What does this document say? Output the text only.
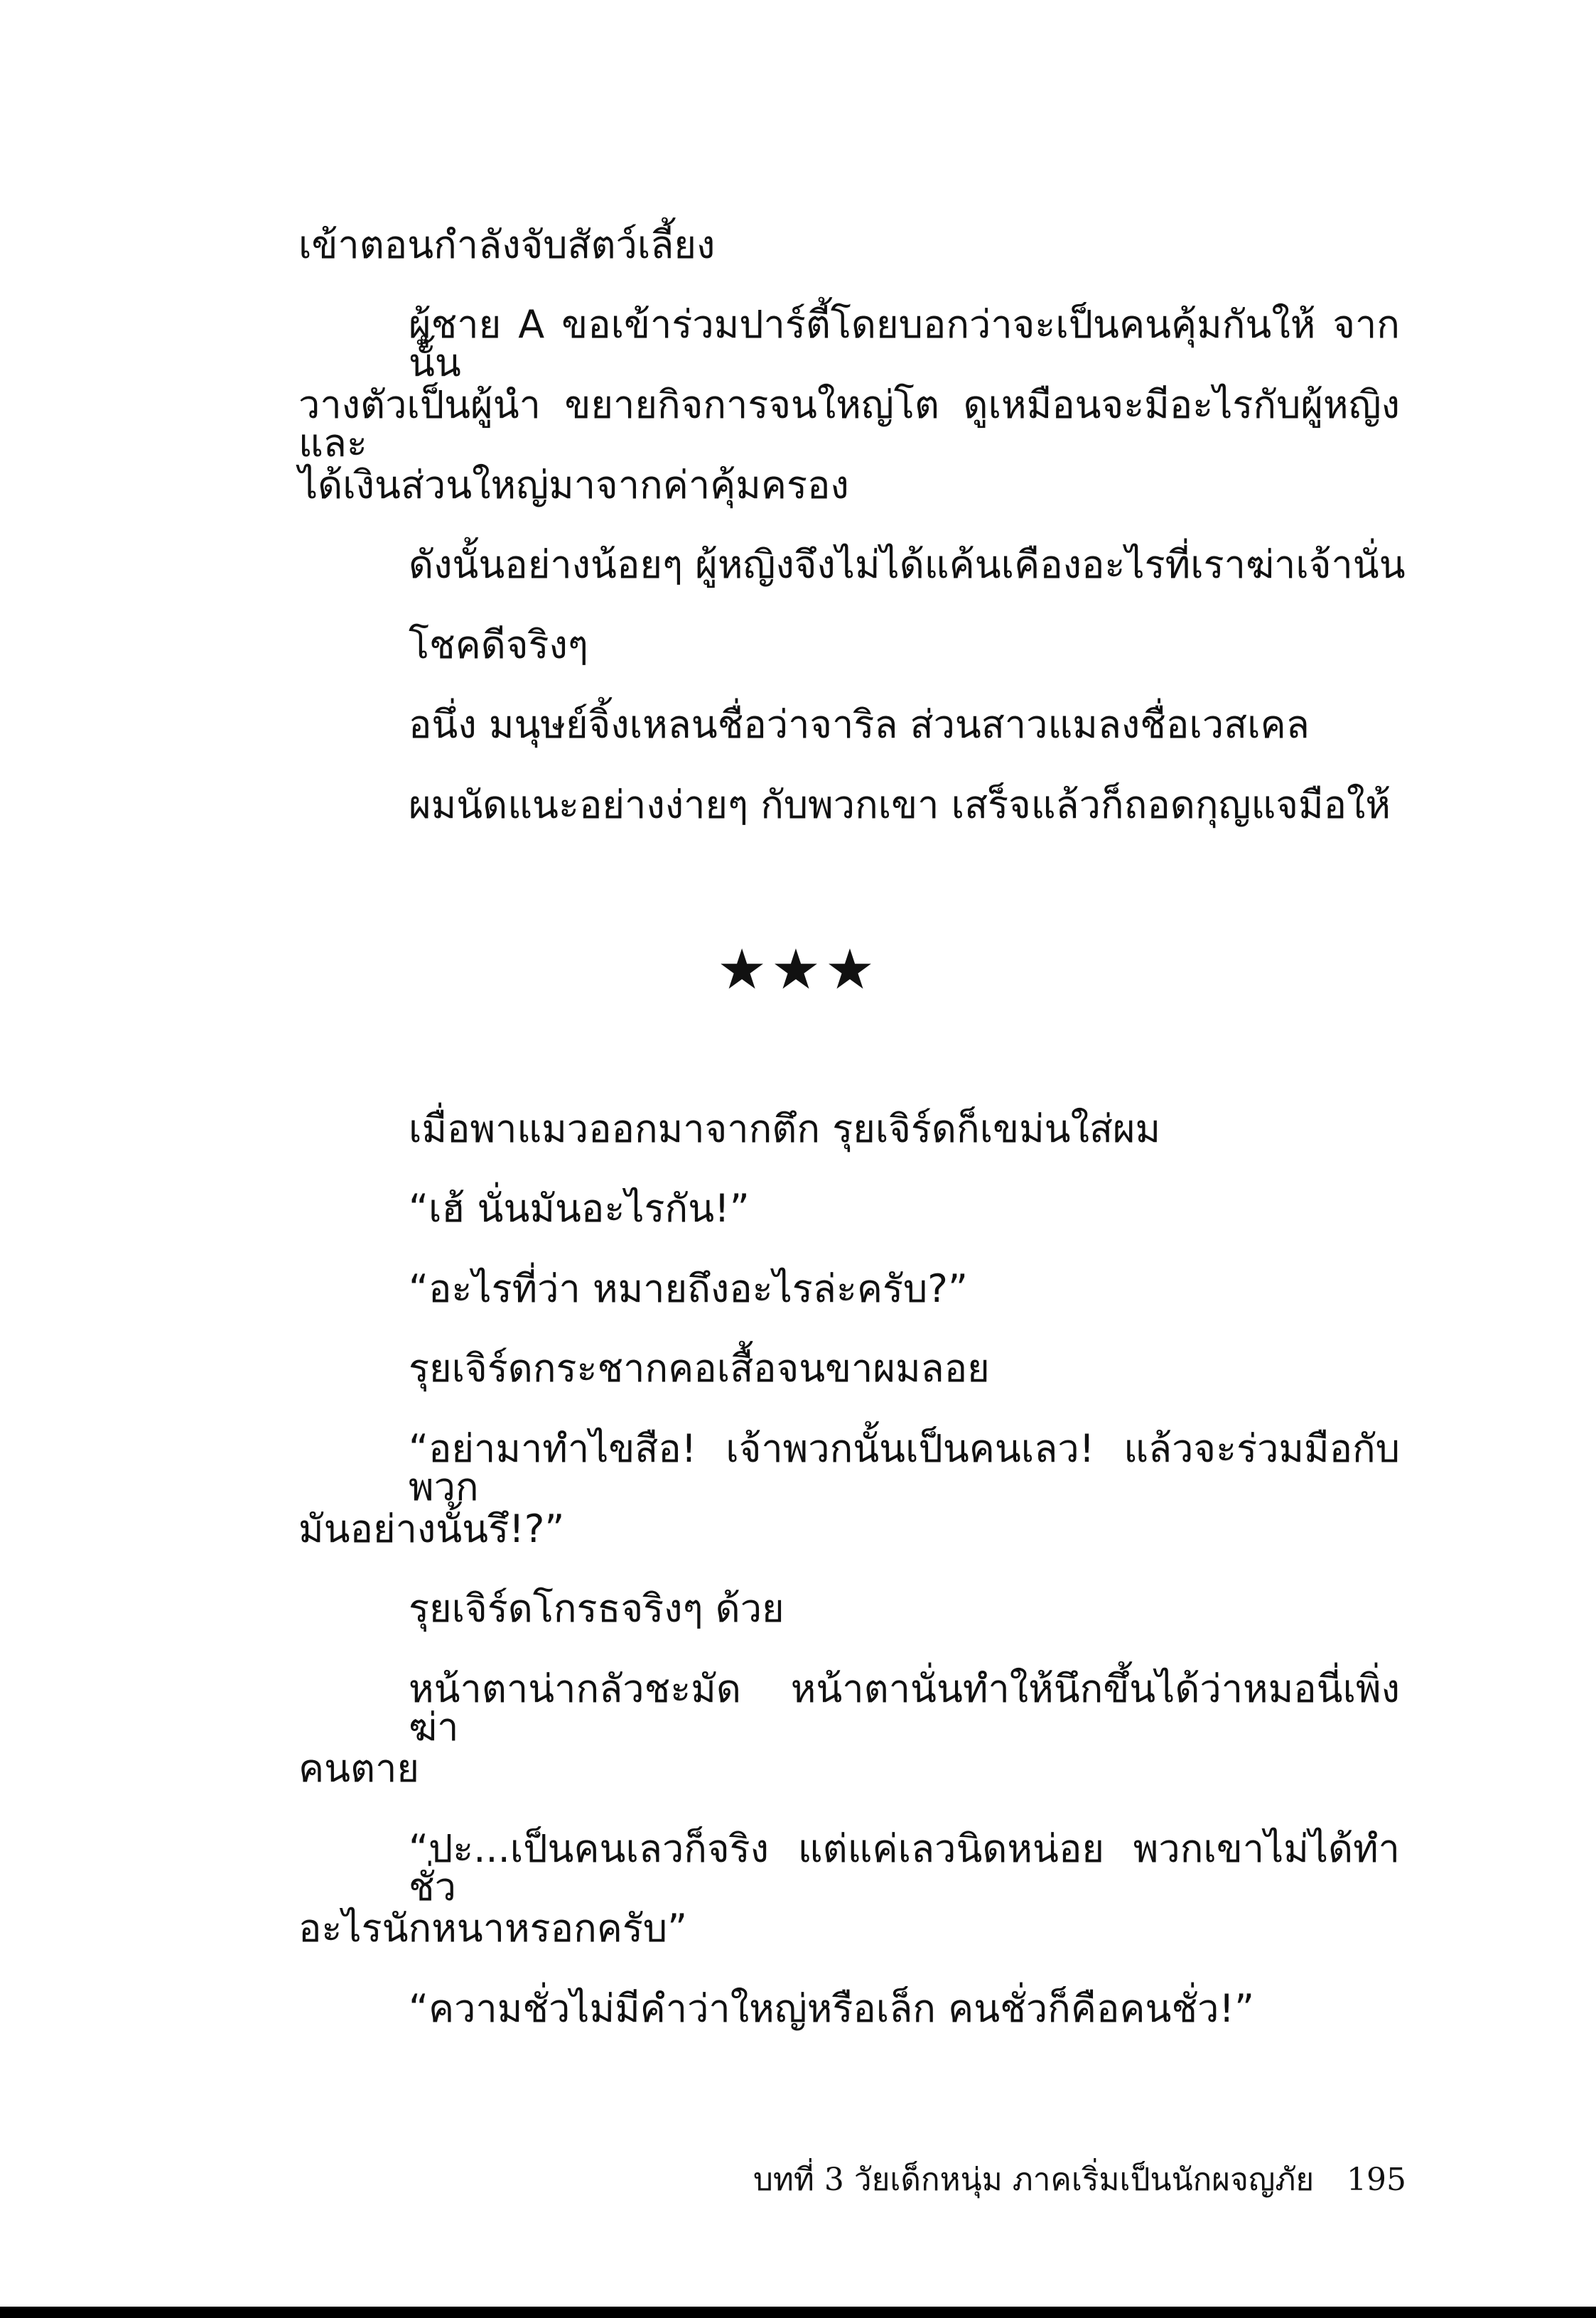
เข้าตอนกำลังจับสัตว์เลี้ยง
ผู้ชาย A ขอเข้าร่วมปาร์ตี้โดยบอกว่าจะเป็นคนคุ้มกันให้ จากนั้น
วางตัวเป็นผู้นำ ขยายกิจการจนใหญ่โต ดูเหมือนจะมีอะไรกับผู้หญิง และ
ได้เงินส่วนใหญ่มาจากค่าคุ้มครอง
ดังนั้นอย่างน้อยๆ ผู้หญิงจึงไม่ได้แค้นเคืองอะไรที่เราฆ่าเจ้านั่น
โชคดีจริงๆ
อนึ่ง มนุษย์จิ้งเหลนชื่อว่าจาริล ส่วนสาวแมลงชื่อเวสเคล
ผมนัดแนะอย่างง่ายๆ กับพวกเขา เสร็จแล้วก็ถอดกุญแจมือให้
★★★
เมื่อพาแมวออกมาจากตึก รุยเจิร์ดก็เขม่นใส่ผม
“เฮ้ นั่นมันอะไรกัน!”
“อะไรที่ว่า หมายถึงอะไรล่ะครับ?”
รุยเจิร์ดกระชากคอเสื้อจนขาผมลอย
“อย่ามาทำไขสือ! เจ้าพวกนั้นเป็นคนเลว! แล้วจะร่วมมือกับพวก
มันอย่างนั้นรึ!?”
รุยเจิร์ดโกรธจริงๆ ด้วย
หน้าตาน่ากลัวชะมัด หน้าตานั่นทำให้นึกขึ้นได้ว่าหมอนี่เพิ่งฆ่า
คนตาย
“ปะ...เป็นคนเลวก็จริง แต่แค่เลวนิดหน่อย พวกเขาไม่ได้ทำชั่ว
อะไรนักหนาหรอกครับ”
“ความชั่วไม่มีคำว่าใหญ่หรือเล็ก คนชั่วก็คือคนชั่ว!”
บทที่ 3 วัยเด็กหนุ่ม ภาคเริ่มเป็นนักผจญภัย 195
